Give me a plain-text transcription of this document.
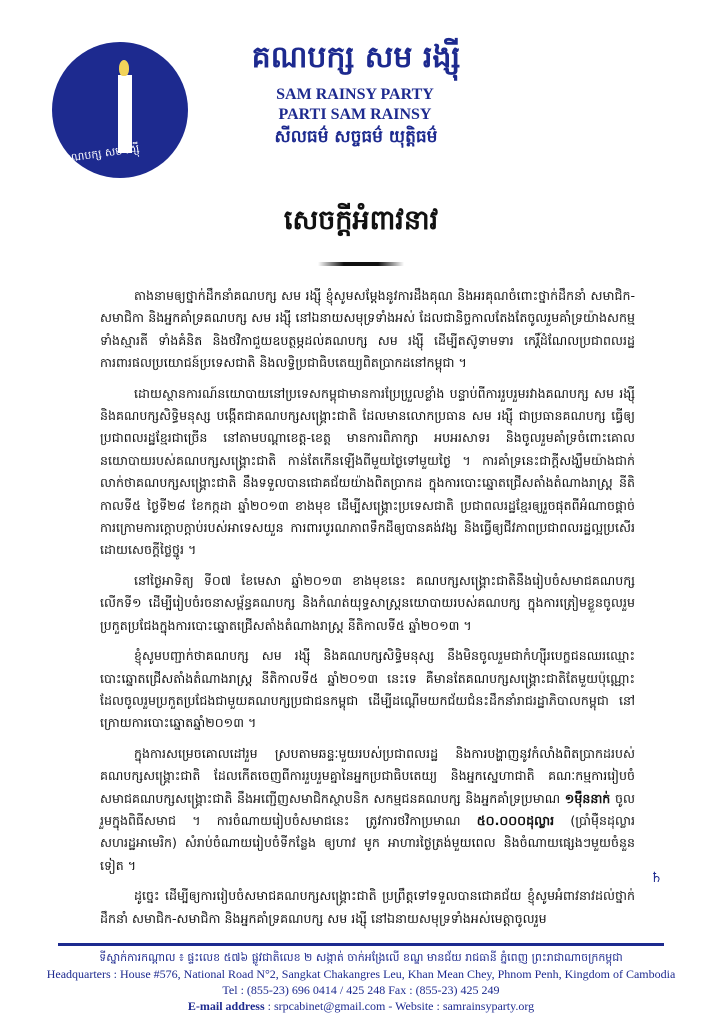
គណបក្ស សម រង្ស៊ី
គណបក្ស សម រង្ស៊ី
SAM RAINSY PARTY
PARTI SAM RAINSY
សីលធម៌ សច្ចធម៌ យុត្តិធម៌
សេចក្តីអំពាវនាវ

តាងនាមឲ្យថ្នាក់ដឹកនាំគណបក្ស សម រង្ស៊ី ខ្ញុំសូមសម្តែងនូវការដឹងគុណ និងអរគុណចំពោះថ្នាក់ដឹកនាំ សមាជិក-សមាជិកា និងអ្នកគាំទ្រគណបក្ស សម រង្ស៊ី នៅឯនាយសមុទ្រទាំងអស់ ដែលជានិច្ចកាលតែងតែចូលរួមគាំទ្រយ៉ាងសកម្ម ទាំងស្មារតី ទាំងគំនិត និងថវិកាជួយឧបត្ថម្ភដល់គណបក្ស សម រង្ស៊ី ដើម្បីតស៊ូទាមទារ កេរ្តិ៍ដំណែលប្រជាពលរដ្ឋ ការពារផលប្រយោជន៍ប្រទេសជាតិ និងលទ្ធិប្រជាធិបតេយ្យពិតប្រាកដនៅកម្ពុជា ។

ដោយស្ថានការណ៍នយោបាយនៅប្រទេសកម្ពុជាមានការប្រែប្រួលខ្លាំង បន្ទាប់ពីការរួបរួមរវាងគណបក្ស សម រង្ស៊ី និងគណបក្សសិទ្ធិមនុស្ស បង្កើតជាគណបក្សសង្គ្រោះជាតិ ដែលមានលោកប្រធាន សម រង្ស៊ី ជាប្រធានគណបក្ស ធ្វើឲ្យប្រជាពលរដ្ឋខ្មែរជាច្រើន នៅតាមបណ្តាខេត្ត-ខេត្ត មានការពិភាក្សា អបអរសាទរ និងចូលរួមគាំទ្រចំពោះគោលនយោបាយរបស់គណបក្សសង្គ្រោះជាតិ កាន់តែកើនឡើងពីមួយថ្ងៃទៅមួយថ្ងៃ ។ ការគាំទ្រនេះជាក្តីសង្ឃឹមយ៉ាងជាក់លាក់ថាគណបក្សសង្គ្រោះជាតិ នឹងទទួលបានជោគជ័យយ៉ាងពិតប្រាកដ ក្នុងការបោះឆ្នោតជ្រើសតាំងតំណាងរាស្ត្រ នីតិកាលទី៥ ថ្ងៃទី២៨ ខែកក្កដា ឆ្នាំ២០១៣ ខាងមុខ ដើម្បីសង្គ្រោះប្រទេសជាតិ ប្រជាពលរដ្ឋខ្មែរឲ្យរួចផុតពីអំណាចផ្តាច់ការក្រោមការក្តោបក្តាប់របស់អាទេសយួន ការពារបូរណភាពទឹកដីឲ្យបានគង់វង្ស និងធ្វើឲ្យជីវភាពប្រជាពលរដ្ឋល្អប្រសើរដោយសេចក្តីថ្លៃថ្នូរ ។

នៅថ្ងៃអាទិត្យ ទី០៧ ខែមេសា ឆ្នាំ២០១៣ ខាងមុខនេះ គណបក្សសង្គ្រោះជាតិនឹងរៀបចំសមាជគណបក្សលើកទី១ ដើម្បីរៀបចំរចនាសម្ព័ន្ធគណបក្ស និងកំណត់យុទ្ធសាស្ត្រនយោបាយរបស់គណបក្ស ក្នុងការត្រៀមខ្លួនចូលរួមប្រកួតប្រជែងក្នុងការបោះឆ្នោតជ្រើសតាំងតំណាងរាស្ត្រ នីតិកាលទី៥ ឆ្នាំ២០១៣ ។

ខ្ញុំសូមបញ្ជាក់ថាគណបក្ស សម រង្ស៊ី និងគណបក្សសិទ្ធិមនុស្ស នឹងមិនចូលរួមជាកំហ្ស៊ីរបេក្ខជនឈរឈ្មោះបោះឆ្នោតជ្រើសតាំងតំណាងរាស្ត្រ នីតិកាលទី៥ ឆ្នាំ២០១៣ នេះទេ គឺមានតែគណបក្សសង្គ្រោះជាតិតែមួយប៉ុណ្ណោះ ដែលចូលរួមប្រកួតប្រជែងជាមួយគណបក្សប្រជាជនកម្ពុជា ដើម្បីដណ្តើមយកជ័យជំនះដឹកនាំរាជរដ្ឋាភិបាលកម្ពុជា នៅក្រោយការបោះឆ្នោតឆ្នាំ២០១៣ ។

ក្នុងការសម្រេចគោលដៅរួម ស្របតាមឆន្ទៈមួយរបស់ប្រជាពលរដ្ឋ និងការបង្ហាញនូវកំលាំងពិតប្រាកដរបស់គណបក្សសង្គ្រោះជាតិ ដែលកើតចេញពីការរួបរួមគ្នានៃអ្នកប្រជាធិបតេយ្យ និងអ្នកស្នេហាជាតិ គណៈកម្មការរៀបចំសមាជគណបក្សសង្គ្រោះជាតិ នឹងអញ្ជើញសមាជិកស្ថាបនិក សកម្មជនគណបក្ស និងអ្នកគាំទ្រប្រមាណ ១មុឺននាក់ ចូលរួមក្នុងពិធីសមាជ ។ ការចំណាយរៀបចំសមាជនេះ ត្រូវការថវិកាប្រមាណ ៥០.០០០ដុល្លារ (ប្រាំមុឺនដុល្លារសហរដ្ឋអាមេរិក) សំរាប់ចំណាយរៀបចំទីកន្លែង ឲ្យហាវ មូក អាហារថ្ងៃត្រង់មួយពេល និងចំណាយផ្សេងៗមួយចំនួនទៀត ។

ដូច្នេះ ដើម្បីឲ្យការរៀបចំសមាជគណបក្សសង្គ្រោះជាតិ ប្រព្រឹត្តទៅទទួលបានជោគជ័យ ខ្ញុំសូមអំពាវនាវដល់ថ្នាក់ដឹកនាំ សមាជិក-សមាជិកា និងអ្នកគាំទ្រគណបក្ស សម រង្ស៊ី នៅឯនាយសមុទ្រទាំងអស់មេត្តាចូលរួម

♄
ទីស្នាក់ការកណ្តាល ៖ ផ្ទះលេខ ៥៧៦ ផ្លូវជាតិលេខ ២ សង្កាត់ ចាក់អង្រែលើ ខណ្ឌ មានជ័យ រាជធានី ភ្នំពេញ ព្រះរាជាណាចក្រកម្ពុជា
Headquarters : House #576, National Road N°2, Sangkat Chakangres Leu, Khan Mean Chey, Phnom Penh, Kingdom of Cambodia
Tel : (855-23) 696 0414 / 425 248 Fax : (855-23) 425 249
E-mail address : srpcabinet@gmail.com - Website : samrainsyparty.org
